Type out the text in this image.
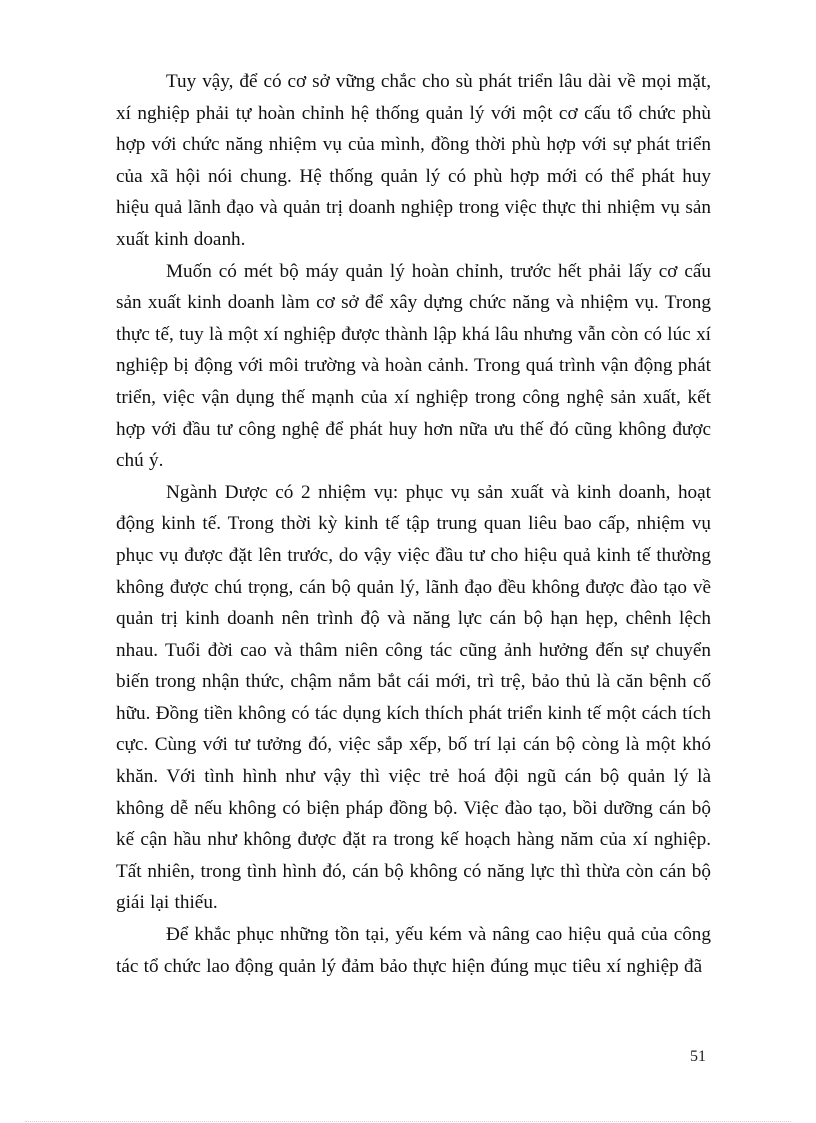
Tuy vậy, để có cơ sở vững chắc cho sù phát triển lâu dài về mọi mặt, xí nghiệp phải tự hoàn chỉnh hệ thống quản lý với một cơ cấu tổ chức phù hợp với chức năng nhiệm vụ của mình, đồng thời phù hợp với sự phát triển của xã hội nói chung. Hệ thống quản lý có phù hợp mới có thể phát huy hiệu quả lãnh đạo và quản trị doanh nghiệp trong việc thực thi nhiệm vụ sản xuất kinh doanh.

Muốn có mét bộ máy quản lý hoàn chỉnh, trước hết phải lấy cơ cấu sản xuất kinh doanh làm cơ sở để xây dựng chức năng và nhiệm vụ. Trong thực tế, tuy là một xí nghiệp được thành lập khá lâu nhưng vẫn còn có lúc xí nghiệp bị động với môi trường và hoàn cảnh. Trong quá trình vận động phát triển, việc vận dụng thế mạnh của xí nghiệp trong công nghệ sản xuất, kết hợp với đầu tư công nghệ để phát huy hơn nữa ưu thế đó cũng không được chú ý.

Ngành Dược có 2 nhiệm vụ: phục vụ sản xuất và kinh doanh, hoạt động kinh tế. Trong thời kỳ kinh tế tập trung quan liêu bao cấp, nhiệm vụ phục vụ được đặt lên trước, do vậy việc đầu tư cho hiệu quả kinh tế thường không được chú trọng, cán bộ quản lý, lãnh đạo đều không được đào tạo về quản trị kinh doanh nên trình độ và năng lực cán bộ hạn hẹp, chênh lệch nhau. Tuổi đời cao và thâm niên công tác cũng ảnh hưởng đến sự chuyển biến trong nhận thức, chậm nắm bắt cái mới, trì trệ, bảo thủ là căn bệnh cố hữu. Đồng tiền không có tác dụng kích thích phát triển kinh tế một cách tích cực. Cùng với tư tưởng đó, việc sắp xếp, bố trí lại cán bộ còng là một khó khăn. Với tình hình như vậy thì việc trẻ hoá đội ngũ cán bộ quản lý là không dễ nếu không có biện pháp đồng bộ. Việc đào tạo, bồi dưỡng cán bộ kế cận hầu như không được đặt ra trong kế hoạch hàng năm của xí nghiệp. Tất nhiên, trong tình hình đó, cán bộ không có năng lực thì thừa còn cán bộ giái lại thiếu.

Để khắc phục những tồn tại, yếu kém và nâng cao hiệu quả của công tác tổ chức lao động quản lý đảm bảo thực hiện đúng mục tiêu xí nghiệp đã

51
